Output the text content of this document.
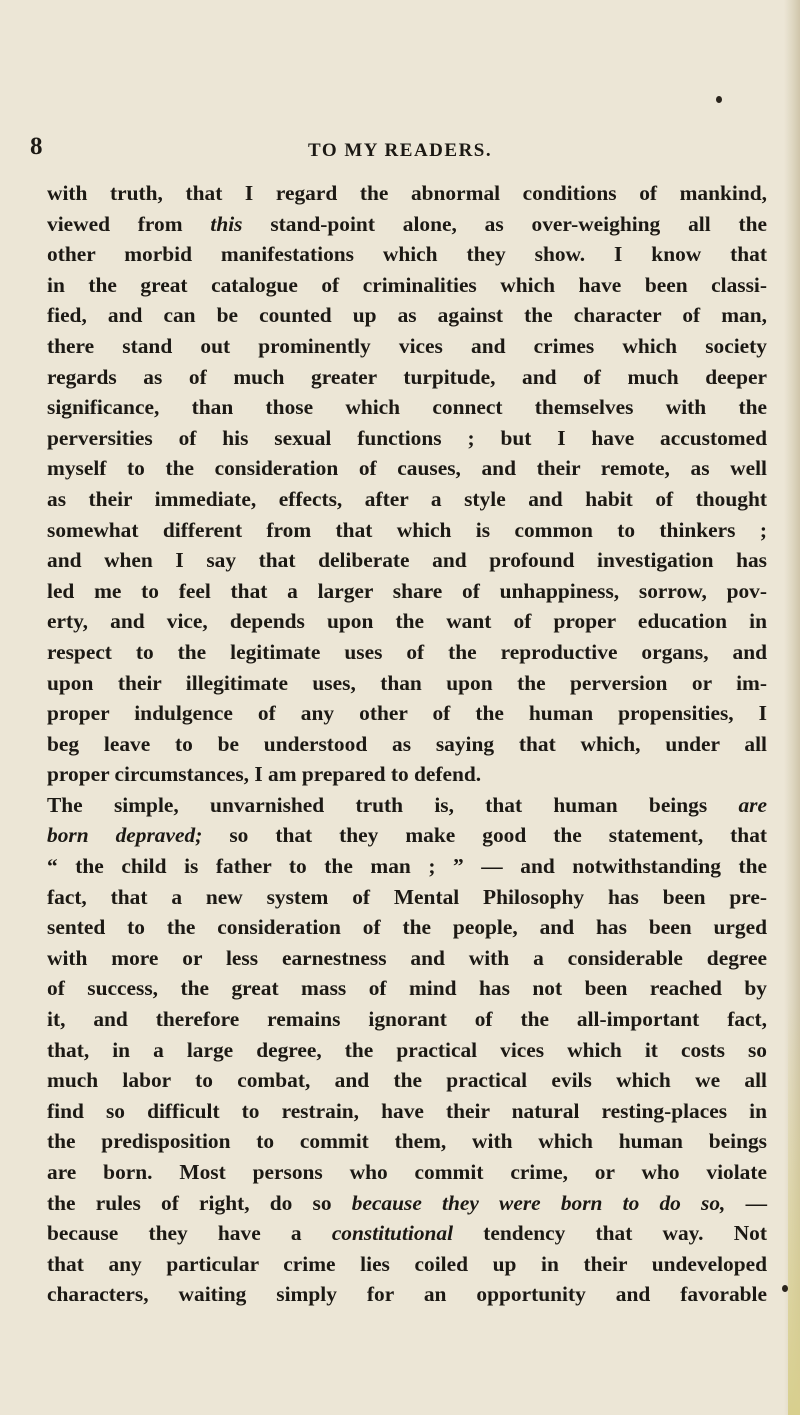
8	TO MY READERS.
with truth, that I regard the abnormal conditions of mankind,
viewed from this stand-point alone, as over-weighing all the
other morbid manifestations which they show. I know that
in the great catalogue of criminalities which have been classi-
fied, and can be counted up as against the character of man,
there stand out prominently vices and crimes which society
regards as of much greater turpitude, and of much deeper
significance, than those which connect themselves with the
perversities of his sexual functions ; but I have accustomed
myself to the consideration of causes, and their remote, as well
as their immediate, effects, after a style and habit of thought
somewhat different from that which is common to thinkers ;
and when I say that deliberate and profound investigation has
led me to feel that a larger share of unhappiness, sorrow, pov-
erty, and vice, depends upon the want of proper education in
respect to the legitimate uses of the reproductive organs, and
upon their illegitimate uses, than upon the perversion or im-
proper indulgence of any other of the human propensities, I
beg leave to be understood as saying that which, under all
proper circumstances, I am prepared to defend.
The simple, unvarnished truth is, that human beings are
born depraved; so that they make good the statement, that
“ the child is father to the man ; ” — and notwithstanding the
fact, that a new system of Mental Philosophy has been pre-
sented to the consideration of the people, and has been urged
with more or less earnestness and with a considerable degree
of success, the great mass of mind has not been reached by
it, and therefore remains ignorant of the all-important fact,
that, in a large degree, the practical vices which it costs so
much labor to combat, and the practical evils which we all
find so difficult to restrain, have their natural resting-places in
the predisposition to commit them, with which human beings
are born. Most persons who commit crime, or who violate
the rules of right, do so because they were born to do so, —
because they have a constitutional tendency that way. Not
that any particular crime lies coiled up in their undeveloped
characters, waiting simply for an opportunity and favorable
